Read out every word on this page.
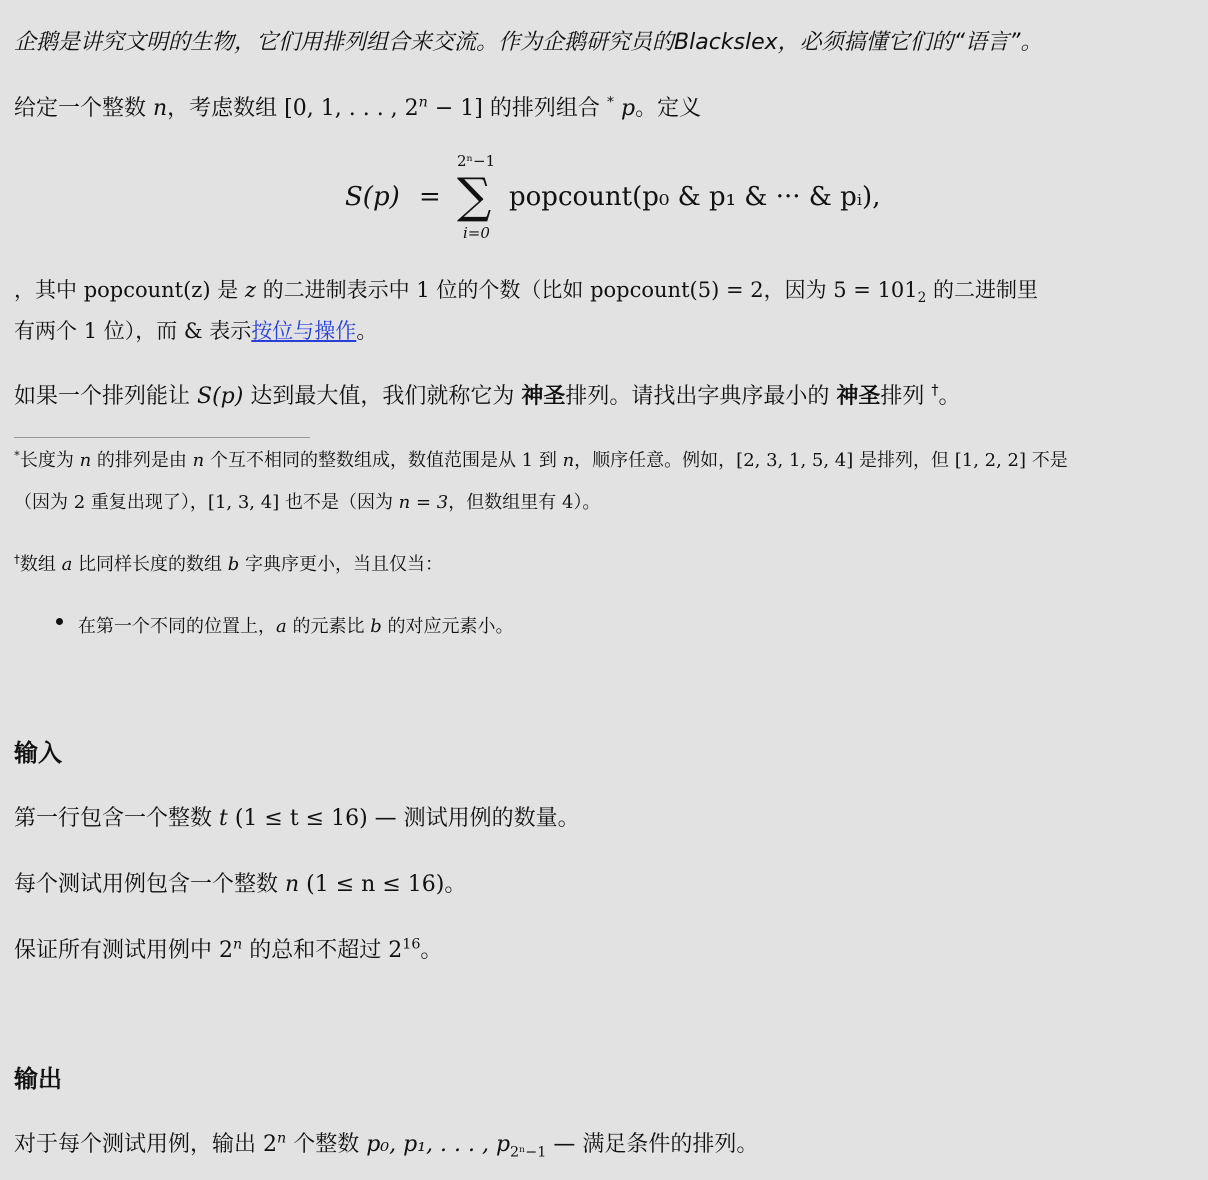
企鹅是讲究文明的生物，它们用排列组合来交流。作为企鹅研究员的Blackslex，必须搞懂它们的“语言”。
给定一个整数 n，考虑数组 [0, 1, . . . , $2^n - 1$] 的排列组合 * p。定义
S(p) =
2ⁿ−1
∑
i=0
popcount(p₀ & p₁ & ··· & pᵢ),
，其中 popcount(z) 是 z 的二进制表示中 1 位的个数（比如 popcount(5) = 2，因为 $5 = 101_2$ 的二进制里
有两个 1 位），而 & 表示按位与操作。
如果一个排列能让 S(p) 达到最大值，我们就称它为 神圣排列。请找出字典序最小的 神圣排列 †。
*长度为 n 的排列是由 n 个互不相同的整数组成，数值范围是从 1 到 n，顺序任意。例如，[2, 3, 1, 5, 4] 是排列，但 [1, 2, 2] 不是
（因为 2 重复出现了），[1, 3, 4] 也不是（因为 n = 3，但数组里有 4）。
†数组 a 比同样长度的数组 b 字典序更小，当且仅当：
在第一个不同的位置上，a 的元素比 b 的对应元素小。
输入
第一行包含一个整数 t (1 ≤ t ≤ 16) — 测试用例的数量。
每个测试用例包含一个整数 n (1 ≤ n ≤ 16)。
保证所有测试用例中 2$^n$ 的总和不超过 $2^{16}$。
输出
对于每个测试用例，输出 2$^n$ 个整数 p₀, p₁, . . . , $p_{2^n-1}$ — 满足条件的排列。
